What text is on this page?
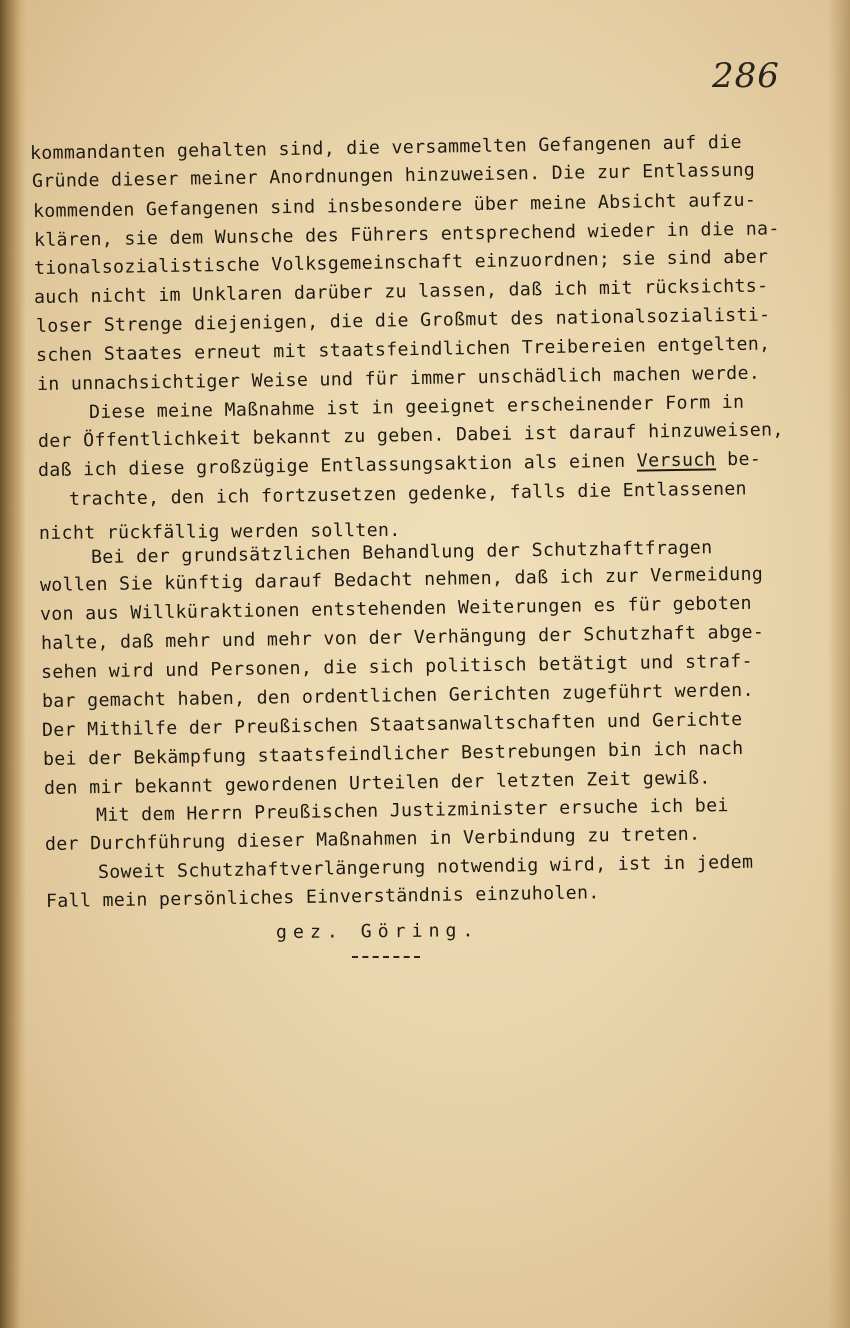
286
kommandanten gehalten sind, die versammelten Gefangenen auf die
Gründe dieser meiner Anordnungen hinzuweisen. Die zur Entlassung
kommenden Gefangenen sind insbesondere über meine Absicht aufzu-
klären, sie dem Wunsche des Führers entsprechend wieder in die na-
tionalsozialistische Volksgemeinschaft einzuordnen; sie sind aber
auch nicht im Unklaren darüber zu lassen, daß ich mit rücksichts-
loser Strenge diejenigen, die die Großmut des nationalsozialisti-
schen Staates erneut mit staatsfeindlichen Treibereien entgelten,
in unnachsichtiger Weise und für immer unschädlich machen werde.
Diese meine Maßnahme ist in geeignet erscheinender Form in
der Öffentlichkeit bekannt zu geben. Dabei ist darauf hinzuweisen,
daß ich diese großzügige Entlassungsaktion als einen Versuch be-
trachte, den ich fortzusetzen gedenke, falls die Entlassenen
nicht rückfällig werden sollten.
Bei der grundsätzlichen Behandlung der Schutzhaftfragen
wollen Sie künftig darauf Bedacht nehmen, daß ich zur Vermeidung
von aus Willküraktionen entstehenden Weiterungen es für geboten
halte, daß mehr und mehr von der Verhängung der Schutzhaft abge-
sehen wird und Personen, die sich politisch betätigt und straf-
bar gemacht haben, den ordentlichen Gerichten zugeführt werden.
Der Mithilfe der Preußischen Staatsanwaltschaften und Gerichte
bei der Bekämpfung staatsfeindlicher Bestrebungen bin ich nach
den mir bekannt gewordenen Urteilen der letzten Zeit gewiß.
Mit dem Herrn Preußischen Justizminister ersuche ich bei
der Durchführung dieser Maßnahmen in Verbindung zu treten.
Soweit Schutzhaftverlängerung notwendig wird, ist in jedem
Fall mein persönliches Einverständnis einzuholen.
gez. Göring.
